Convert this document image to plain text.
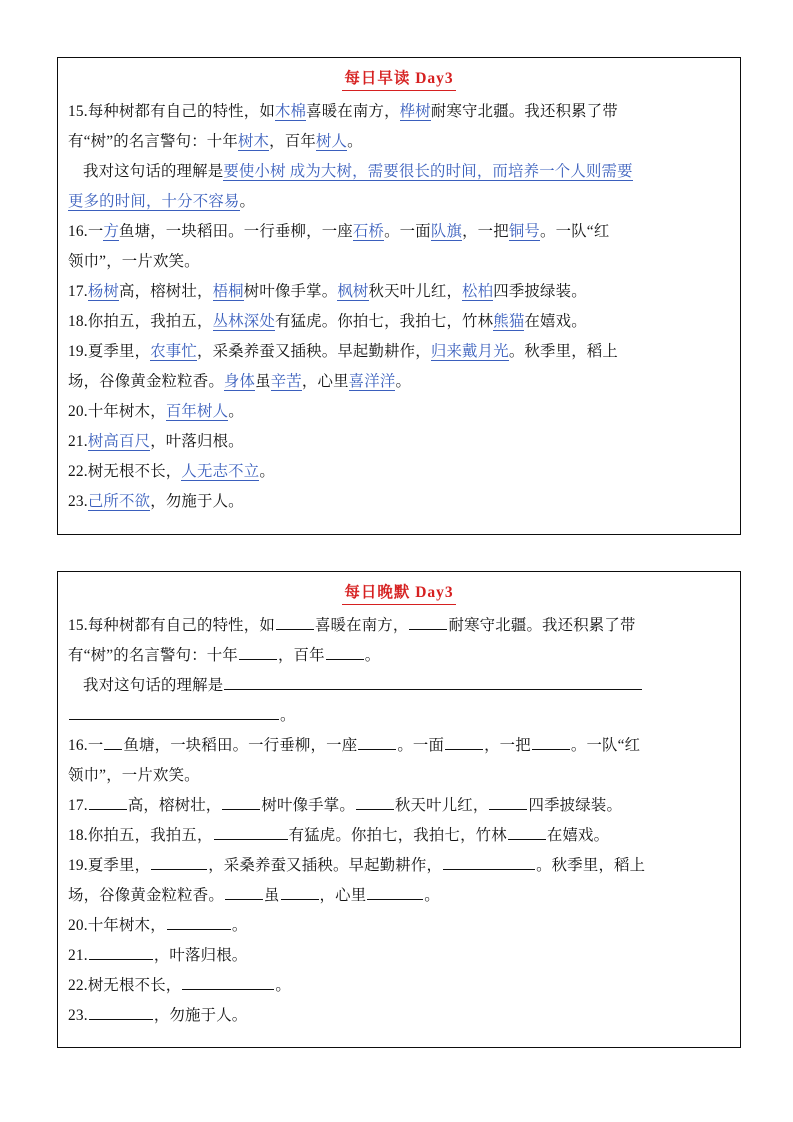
每日早读 Day3
15.每种树都有自己的特性，如木棉喜暖在南方，桦树耐寒守北疆。我还积累了带
有“树”的名言警句：十年树木，百年树人。
我对这句话的理解是要使小树 成为大树，需要很长的时间，而培养一个人则需要
更多的时间，十分不容易。
16.一方鱼塘，一块稻田。一行垂柳，一座石桥。一面队旗，一把铜号。一队“红
领巾”，一片欢笑。
17.杨树高，榕树壮，梧桐树叶像手掌。枫树秋天叶儿红，松柏四季披绿装。
18.你拍五，我拍五，丛林深处有猛虎。你拍七，我拍七，竹林熊猫在嬉戏。
19.夏季里，农事忙，采桑养蚕又插秧。早起勤耕作，归来戴月光。秋季里，稻上
场，谷像黄金粒粒香。身体虽辛苦，心里喜洋洋。
20.十年树木，百年树人。
21.树高百尺，叶落归根。
22.树无根不长，人无志不立。
23.己所不欲，勿施于人。
每日晚默 Day3
15.每种树都有自己的特性，如	喜暖在南方，	耐寒守北疆。我还积累了带
有“树”的名言警句：十年	，百年	。
我对这句话的理解是
。
16.一 鱼塘，一块稻田。一行垂柳，一座	。一面	，一把	。一队“红
领巾”，一片欢笑。
17.	高，榕树壮，	树叶像手掌。	秋天叶儿红，	四季披绿装。
18.你拍五，我拍五，	有猛虎。你拍七，我拍七，竹林	在嬉戏。
19.夏季里，	，采桑养蚕又插秧。早起勤耕作，	。秋季里，稻上
场，谷像黄金粒粒香。	虽	，心里	。
20.十年树木，	。
21.	，叶落归根。
22.树无根不长，	。
23.	，勿施于人。
